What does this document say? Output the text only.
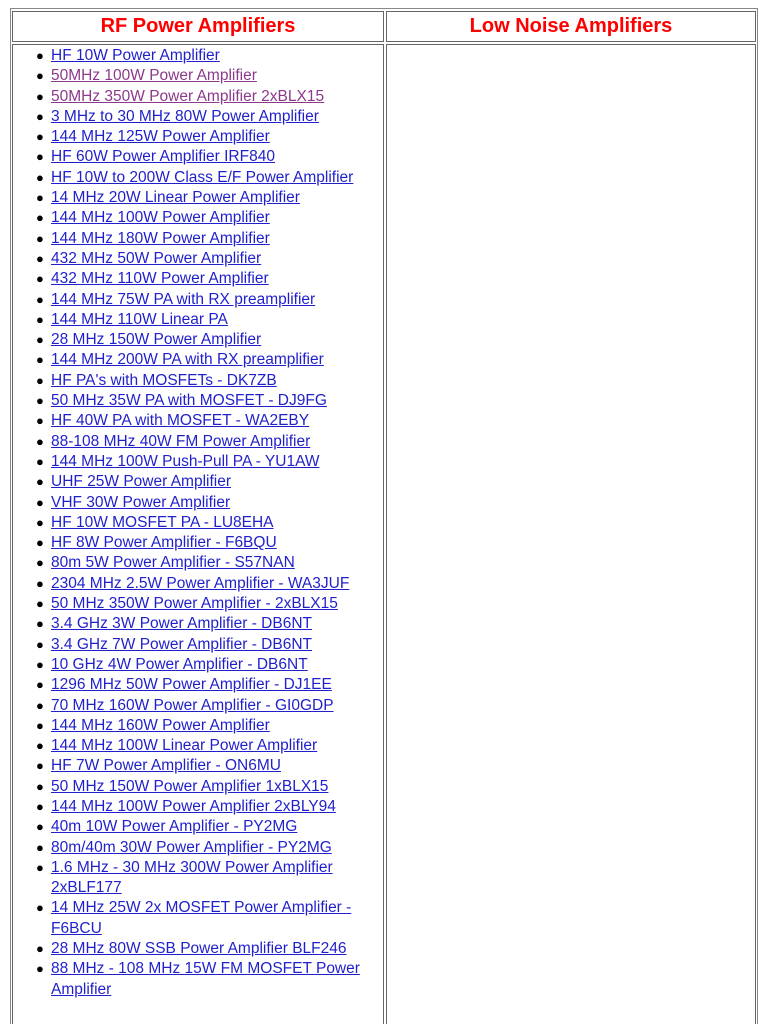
RF Power Amplifiers	Low Noise Amplifiers
● HF 10W Power Amplifier
● 50MHz 100W Power Amplifier
● 50MHz 350W Power Amplifier 2xBLX15
● 3 MHz to 30 MHz 80W Power Amplifier
● 144 MHz 125W Power Amplifier
● HF 60W Power Amplifier IRF840
● HF 10W to 200W Class E/F Power Amplifier
● 14 MHz 20W Linear Power Amplifier
● 144 MHz 100W Power Amplifier
● 144 MHz 180W Power Amplifier
● 432 MHz 50W Power Amplifier
● 432 MHz 110W Power Amplifier
● 144 MHz 75W PA with RX preamplifier
● 144 MHz 110W Linear PA
● 28 MHz 150W Power Amplifier
● 144 MHz 200W PA with RX preamplifier
● HF PA's with MOSFETs - DK7ZB
● 50 MHz 35W PA with MOSFET - DJ9FG
● HF 40W PA with MOSFET - WA2EBY
● 88-108 MHz 40W FM Power Amplifier
● 144 MHz 100W Push-Pull PA - YU1AW
● UHF 25W Power Amplifier
● VHF 30W Power Amplifier
● HF 10W MOSFET PA - LU8EHA
● HF 8W Power Amplifier - F6BQU
● 80m 5W Power Amplifier - S57NAN
● 2304 MHz 2.5W Power Amplifier - WA3JUF
● 50 MHz 350W Power Amplifier - 2xBLX15
● 3.4 GHz 3W Power Amplifier - DB6NT
● 3.4 GHz 7W Power Amplifier - DB6NT
● 10 GHz 4W Power Amplifier - DB6NT
● 1296 MHz 50W Power Amplifier - DJ1EE
● 70 MHz 160W Power Amplifier - GI0GDP
● 144 MHz 160W Power Amplifier
● 144 MHz 100W Linear Power Amplifier
● HF 7W Power Amplifier - ON6MU
● 50 MHz 150W Power Amplifier 1xBLX15
● 144 MHz 100W Power Amplifier 2xBLY94
● 40m 10W Power Amplifier - PY2MG
● 80m/40m 30W Power Amplifier - PY2MG
● 1.6 MHz - 30 MHz 300W Power Amplifier 2xBLF177
● 14 MHz 25W 2x MOSFET Power Amplifier - F6BCU
● 28 MHz 80W SSB Power Amplifier BLF246
● 88 MHz - 108 MHz 15W FM MOSFET Power Amplifier
